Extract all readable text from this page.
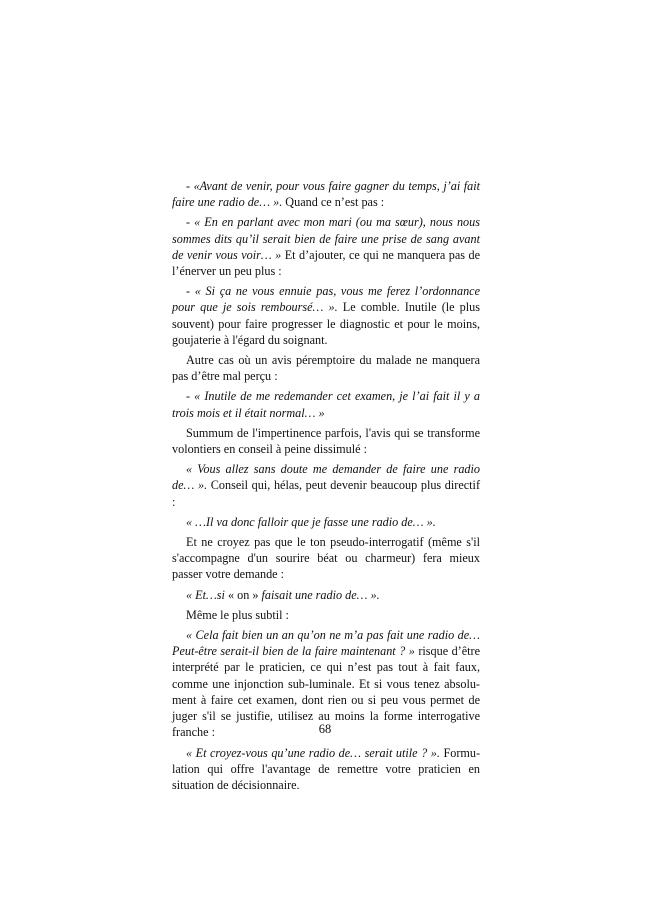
- «Avant de venir, pour vous faire gagner du temps, j’ai fait faire une radio de… ». Quand ce n’est pas :

- « En en parlant avec mon mari (ou ma sœur), nous nous sommes dits qu’il serait bien de faire une prise de sang avant de venir vous voir… » Et d’ajouter, ce qui ne manquera pas de l’énerver un peu plus :

- « Si ça ne vous ennuie pas, vous me ferez l’ordonnance pour que je sois remboursé… ». Le comble. Inutile (le plus souvent) pour faire progresser le diagnostic et pour le moins, goujaterie à l'égard du soignant.

Autre cas où un avis péremptoire du malade ne manquera pas d’être mal perçu :

- « Inutile de me redemander cet examen, je l’ai fait il y a trois mois et il était normal… »

Summum de l'impertinence parfois, l'avis qui se transforme volontiers en conseil à peine dissimulé :

« Vous allez sans doute me demander de faire une radio de… ». Conseil qui, hélas, peut devenir beaucoup plus directif :

« …Il va donc falloir que je fasse une radio de… ».

Et ne croyez pas que le ton pseudo-interrogatif (même s'il s'accompagne d'un sourire béat ou charmeur) fera mieux passer votre demande :

« Et…si « on » faisait une radio de… ».

Même le plus subtil :

« Cela fait bien un an qu’on ne m’a pas fait une radio de… Peut-être serait-il bien de la faire maintenant ? » risque d’être interprété par le praticien, ce qui n’est pas tout à fait faux, comme une injonction sub-luminale. Et si vous tenez absolu-ment à faire cet examen, dont rien ou si peu vous permet de juger s'il se justifie, utilisez au moins la forme interrogative franche :

« Et croyez-vous qu’une radio de… serait utile ? ». Formu-lation qui offre l'avantage de remettre votre praticien en situation de décisionnaire.

68
